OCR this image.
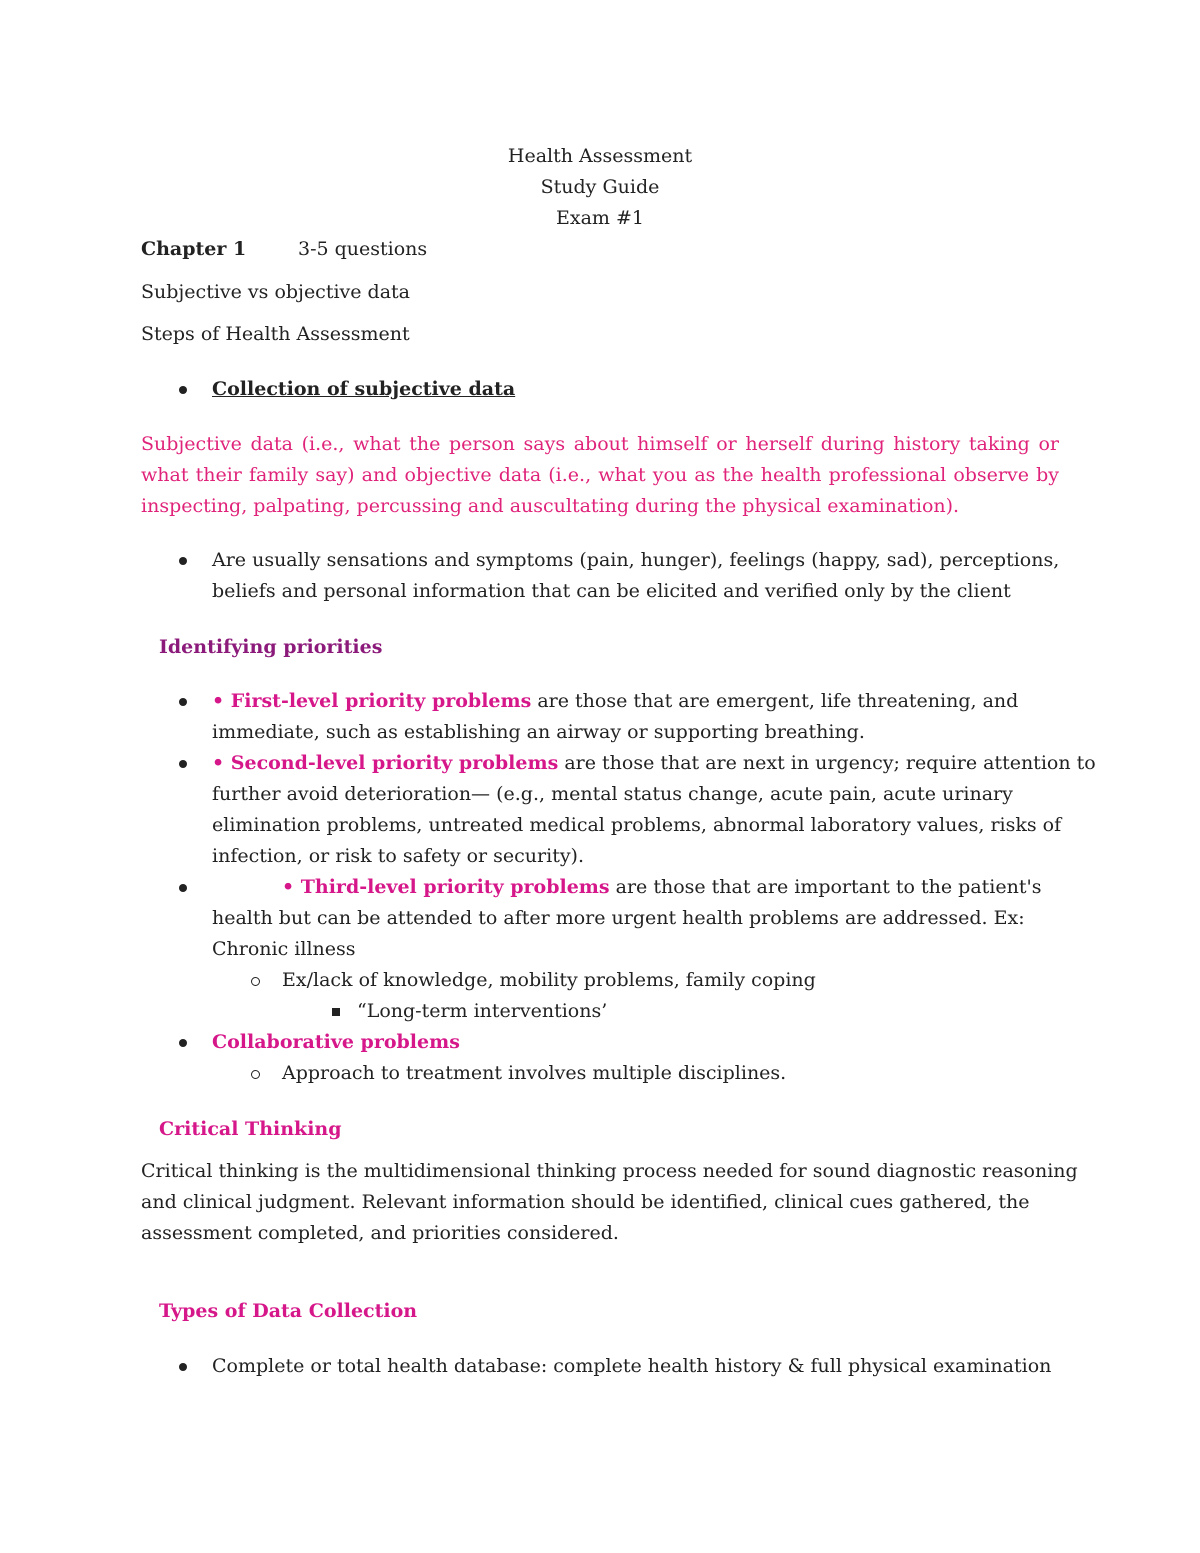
Health Assessment
Study Guide
Exam #1
Chapter 1	3-5 questions
Subjective vs objective data
Steps of Health Assessment
Collection of subjective data
Subjective data (i.e., what the person says about himself or herself during history taking or what their family say) and objective data (i.e., what you as the health professional observe by inspecting, palpating, percussing and auscultating during the physical examination).
Are usually sensations and symptoms (pain, hunger), feelings (happy, sad), perceptions,
beliefs and personal information that can be elicited and verified only by the client
Identifying priorities
• First-level priority problems are those that are emergent, life threatening, and
immediate, such as establishing an airway or supporting breathing.
• Second-level priority problems are those that are next in urgency; require attention to
further avoid deterioration— (e.g., mental status change, acute pain, acute urinary
elimination problems, untreated medical problems, abnormal laboratory values, risks of
infection, or risk to safety or security).
• Third-level priority problems are those that are important to the patient's
health but can be attended to after more urgent health problems are addressed. Ex:
Chronic illness
Ex/lack of knowledge, mobility problems, family coping
“Long-term interventions’
Collaborative problems
Approach to treatment involves multiple disciplines.
Critical Thinking
Critical thinking is the multidimensional thinking process needed for sound diagnostic reasoning
and clinical judgment. Relevant information should be identified, clinical cues gathered, the
assessment completed, and priorities considered.
Types of Data Collection
Complete or total health database: complete health history & full physical examination
